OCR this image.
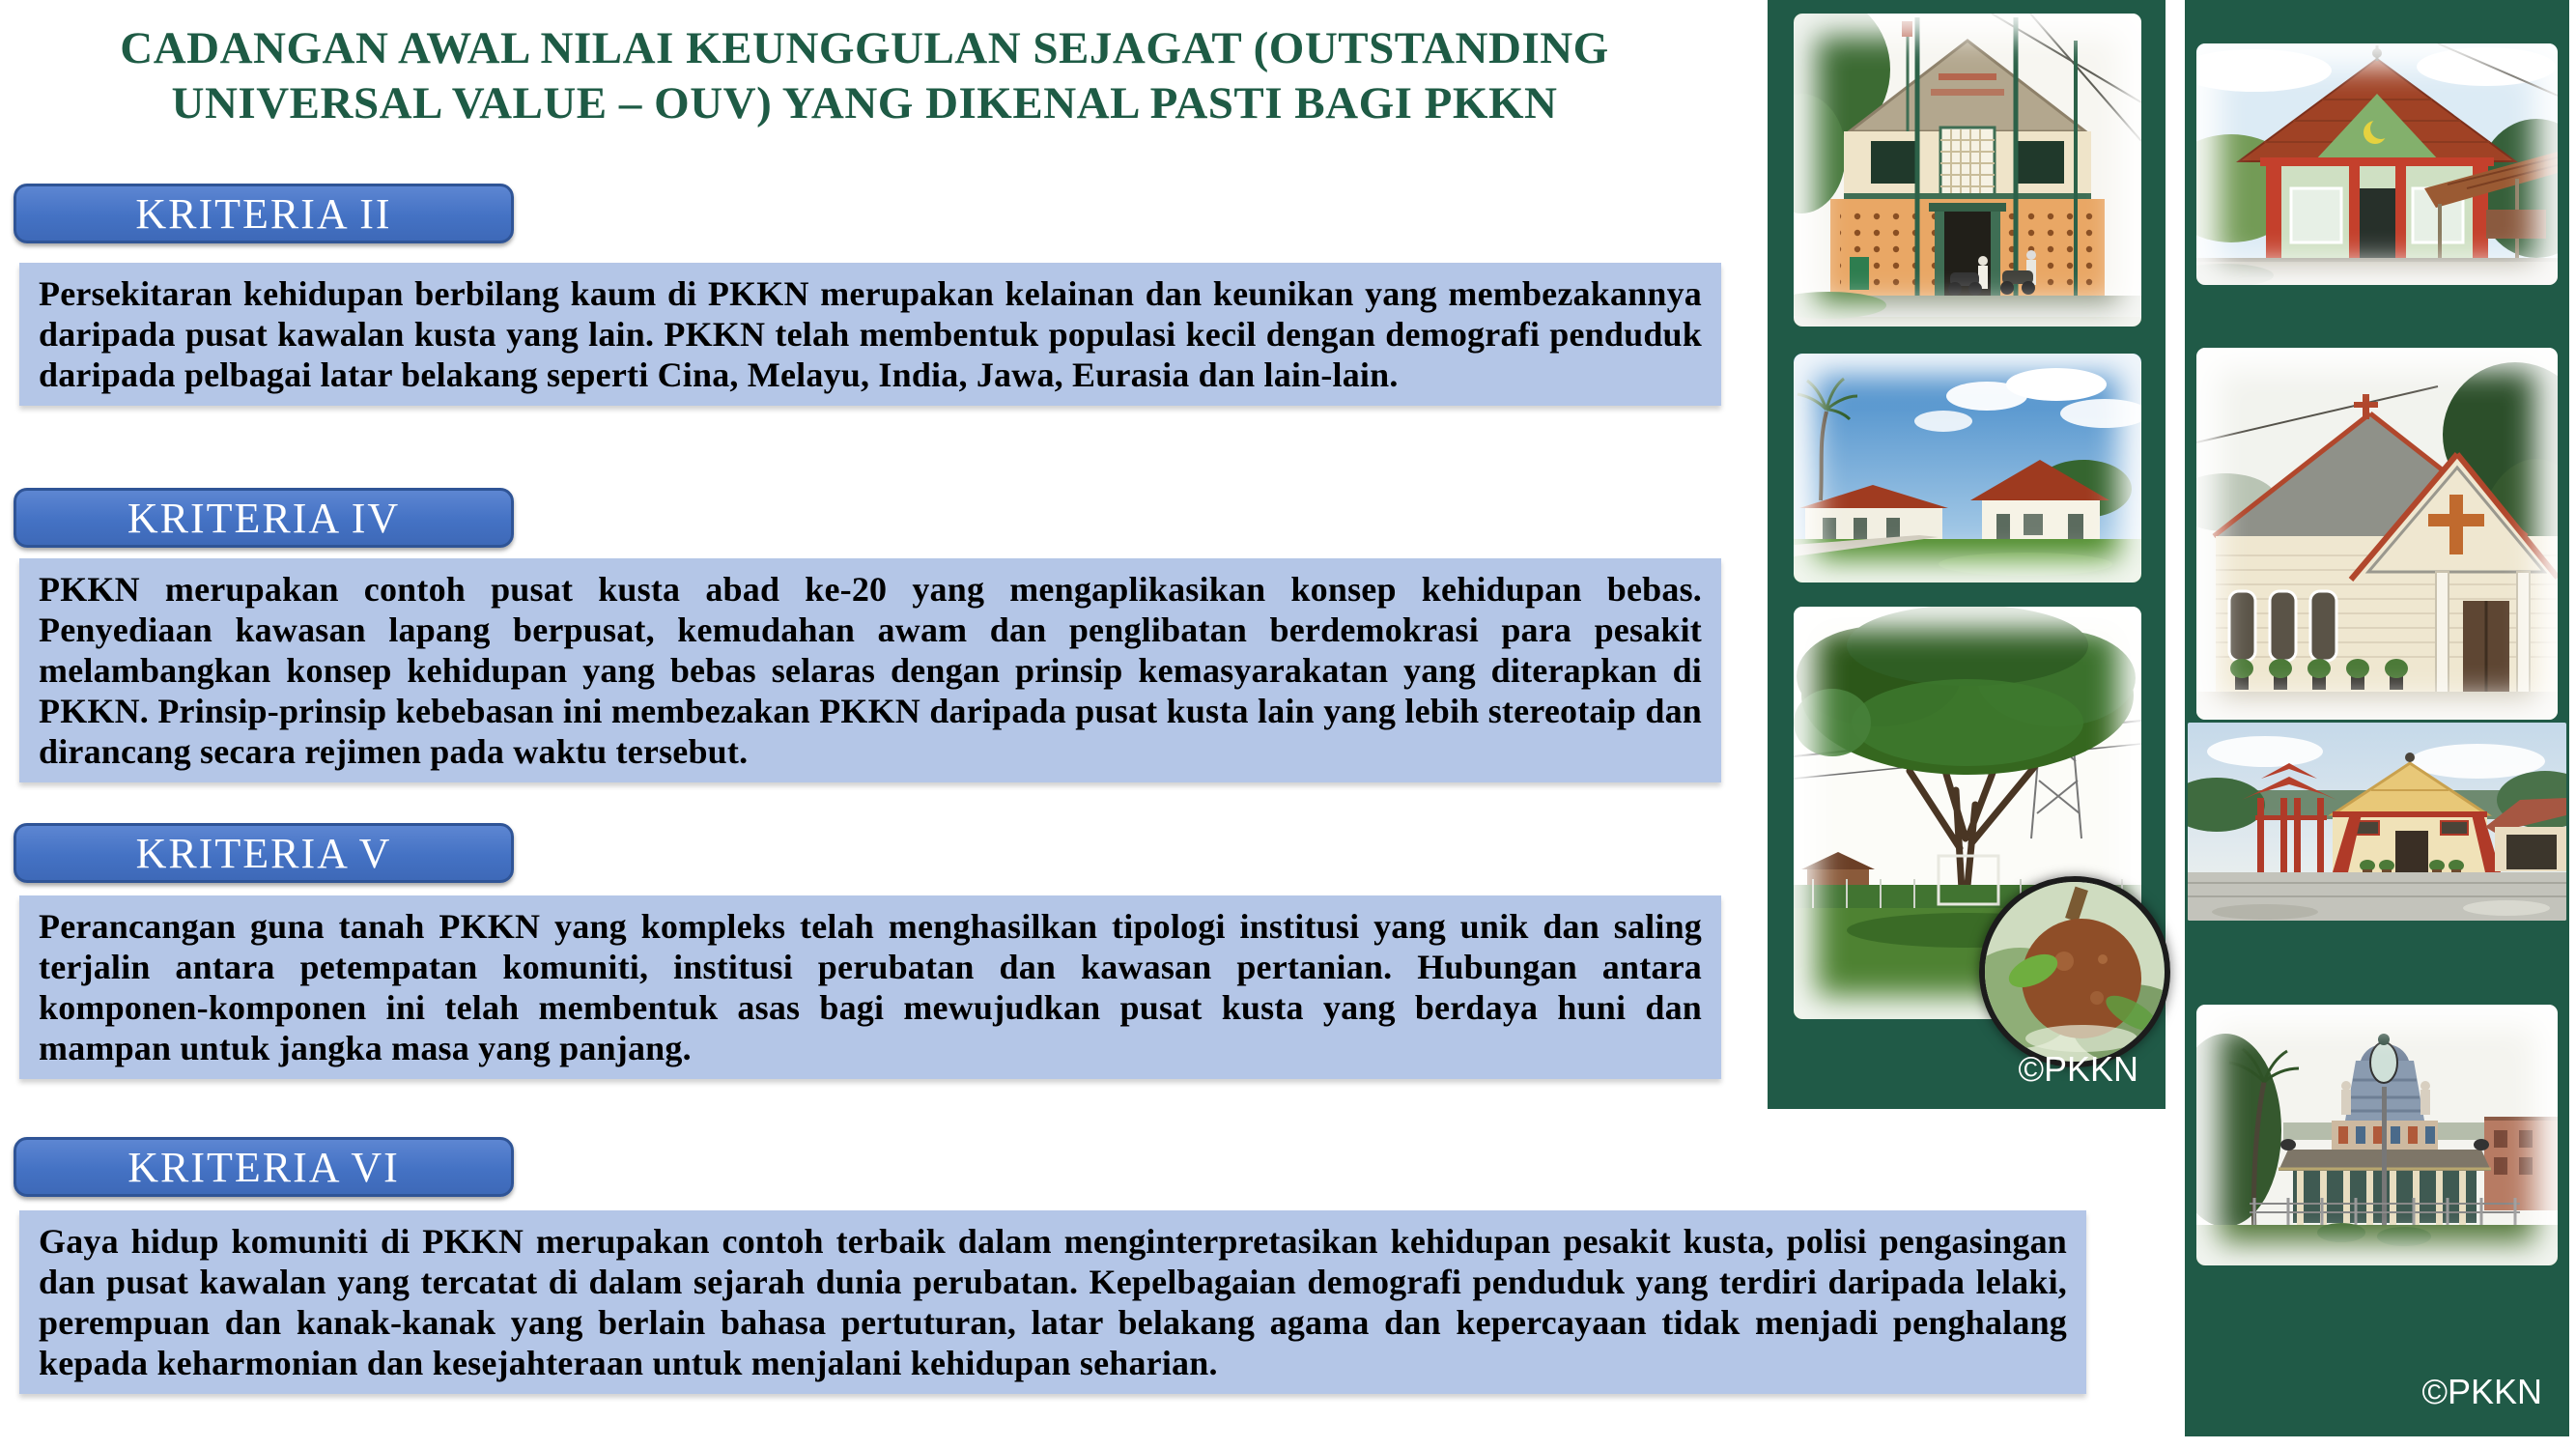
CADANGAN AWAL NILAI KEUNGGULAN SEJAGAT (OUTSTANDING UNIVERSAL VALUE – OUV) YANG DIKENAL PASTI BAGI PKKN
KRITERIA II
Persekitaran kehidupan berbilang kaum di PKKN merupakan kelainan dan keunikan yang membezakannya daripada pusat kawalan kusta yang lain. PKKN telah membentuk populasi kecil dengan demografi penduduk daripada pelbagai latar belakang seperti Cina, Melayu, India, Jawa, Eurasia dan lain-lain.
KRITERIA IV
PKKN merupakan contoh pusat kusta abad ke-20 yang mengaplikasikan konsep kehidupan bebas. Penyediaan kawasan lapang berpusat, kemudahan awam dan penglibatan berdemokrasi para pesakit melambangkan konsep kehidupan yang bebas selaras dengan prinsip kemasyarakatan yang diterapkan di PKKN. Prinsip-prinsip kebebasan ini membezakan PKKN daripada pusat kusta lain yang lebih stereotaip dan dirancang secara rejimen pada waktu tersebut.
KRITERIA V
Perancangan guna tanah PKKN yang kompleks telah menghasilkan tipologi institusi yang unik dan saling terjalin antara petempatan komuniti, institusi perubatan dan kawasan pertanian. Hubungan antara komponen-komponen ini telah membentuk asas bagi mewujudkan pusat kusta yang berdaya huni dan mampan untuk jangka masa yang panjang.
KRITERIA VI
Gaya hidup komuniti di PKKN merupakan contoh terbaik dalam menginterpretasikan kehidupan pesakit kusta, polisi pengasingan dan pusat kawalan yang tercatat di dalam sejarah dunia perubatan. Kepelbagaian demografi penduduk yang terdiri daripada lelaki, perempuan dan kanak-kanak yang berlain bahasa pertuturan, latar belakang agama dan kepercayaan tidak menjadi penghalang kepada keharmonian dan kesejahteraan untuk menjalani kehidupan seharian.
©PKKN
©PKKN
